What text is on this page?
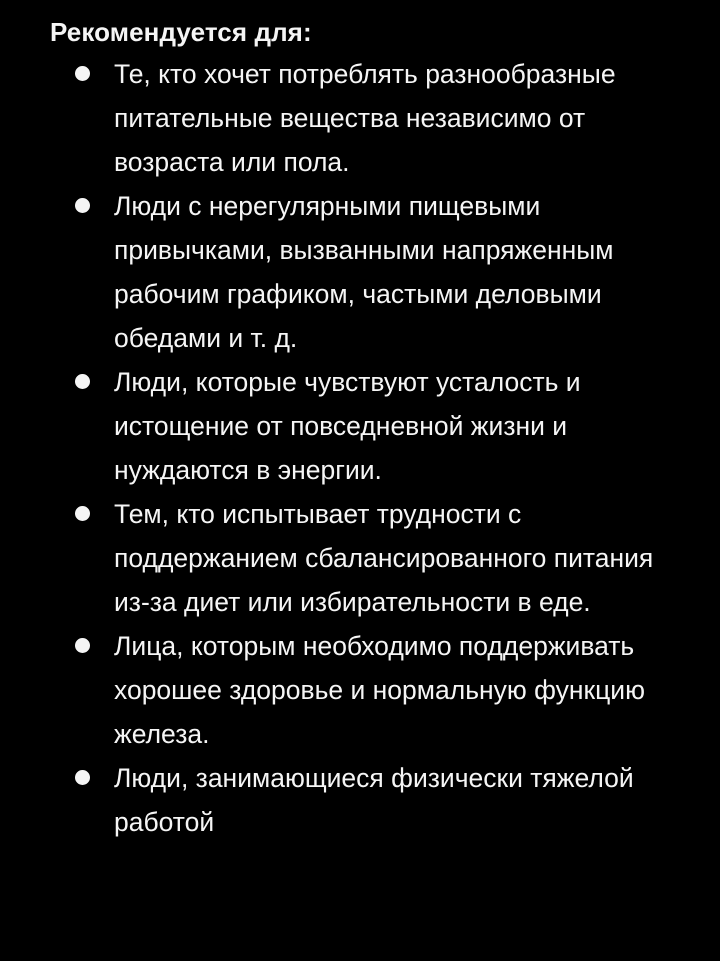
Рекомендуется для:
Те, кто хочет потреблять разнообразные питательные вещества независимо от возраста или пола.
Люди с нерегулярными пищевыми привычками, вызванными напряженным рабочим графиком, частыми деловыми обедами и т. д.
Люди, которые чувствуют усталость и истощение от повседневной жизни и нуждаются в энергии.
Тем, кто испытывает трудности с поддержанием сбалансированного питания из-за диет или избирательности в еде.
Лица, которым необходимо поддерживать хорошее здоровье и нормальную функцию железа.
Люди, занимающиеся физически тяжелой работой
